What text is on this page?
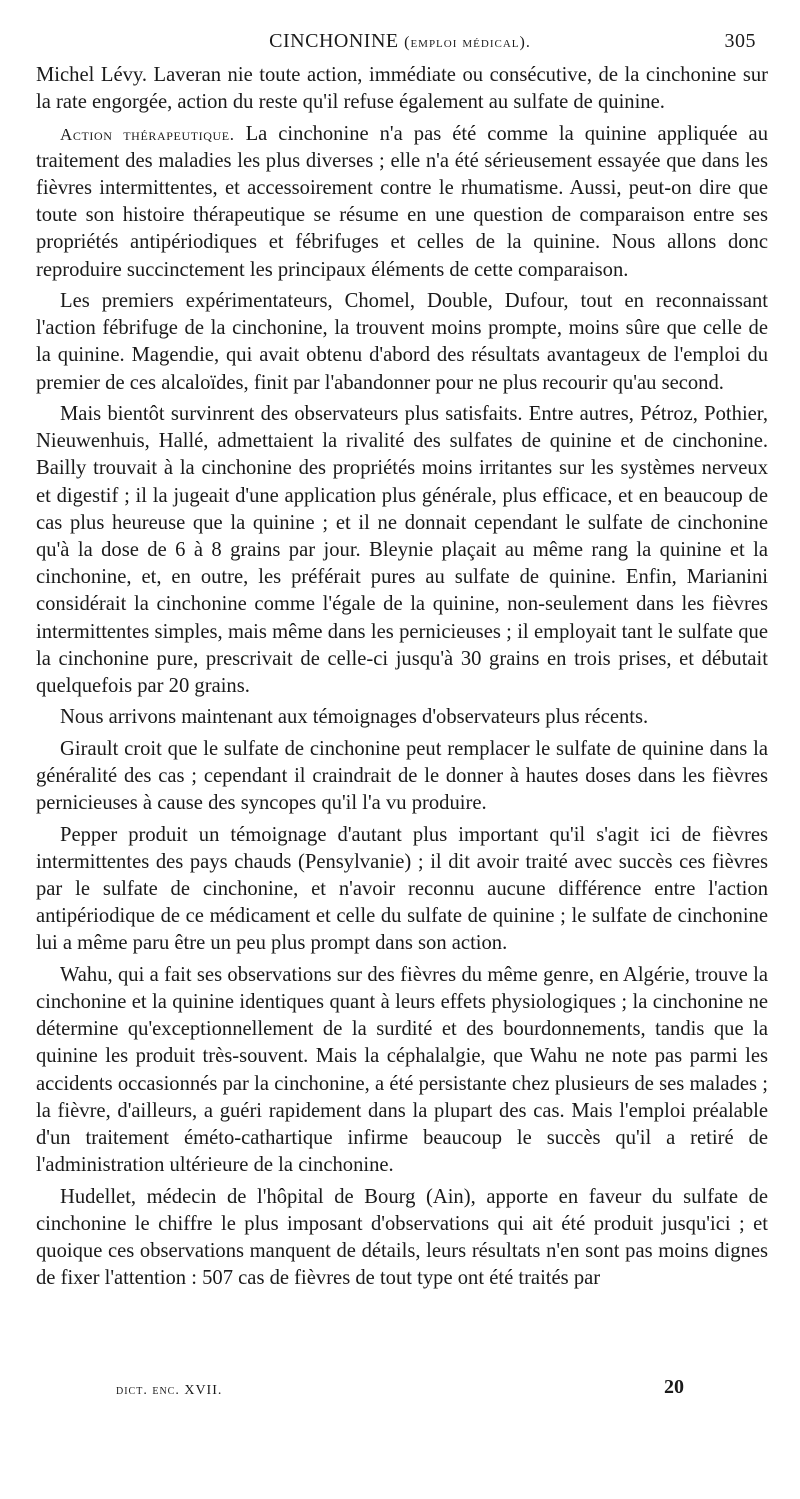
CINCHONINE (emploi médical).	305

Michel Lévy. Laveran nie toute action, immédiate ou consécutive, de la cinchonine sur la rate engorgée, action du reste qu'il refuse également au sulfate de quinine.

Action thérapeutique. La cinchonine n'a pas été comme la quinine appliquée au traitement des maladies les plus diverses ; elle n'a été sérieusement essayée que dans les fièvres intermittentes, et accessoirement contre le rhumatisme. Aussi, peut-on dire que toute son histoire thérapeutique se résume en une question de comparaison entre ses propriétés antipériodiques et fébrifuges et celles de la quinine. Nous allons donc reproduire succinctement les principaux éléments de cette comparaison.

Les premiers expérimentateurs, Chomel, Double, Dufour, tout en reconnaissant l'action fébrifuge de la cinchonine, la trouvent moins prompte, moins sûre que celle de la quinine. Magendie, qui avait obtenu d'abord des résultats avantageux de l'emploi du premier de ces alcaloïdes, finit par l'abandonner pour ne plus recourir qu'au second.

Mais bientôt survinrent des observateurs plus satisfaits. Entre autres, Pétroz, Pothier, Nieuwenhuis, Hallé, admettaient la rivalité des sulfates de quinine et de cinchonine. Bailly trouvait à la cinchonine des propriétés moins irritantes sur les systèmes nerveux et digestif ; il la jugeait d'une application plus générale, plus efficace, et en beaucoup de cas plus heureuse que la quinine ; et il ne donnait cependant le sulfate de cinchonine qu'à la dose de 6 à 8 grains par jour. Bleynie plaçait au même rang la quinine et la cinchonine, et, en outre, les préférait pures au sulfate de quinine. Enfin, Marianini considérait la cinchonine comme l'égale de la quinine, non-seulement dans les fièvres intermittentes simples, mais même dans les pernicieuses ; il employait tant le sulfate que la cinchonine pure, prescrivait de celle-ci jusqu'à 30 grains en trois prises, et débutait quelquefois par 20 grains.

Nous arrivons maintenant aux témoignages d'observateurs plus récents.

Girault croit que le sulfate de cinchonine peut remplacer le sulfate de quinine dans la généralité des cas ; cependant il craindrait de le donner à hautes doses dans les fièvres pernicieuses à cause des syncopes qu'il l'a vu produire.

Pepper produit un témoignage d'autant plus important qu'il s'agit ici de fièvres intermittentes des pays chauds (Pensylvanie) ; il dit avoir traité avec succès ces fièvres par le sulfate de cinchonine, et n'avoir reconnu aucune différence entre l'action antipériodique de ce médicament et celle du sulfate de quinine ; le sulfate de cinchonine lui a même paru être un peu plus prompt dans son action.

Wahu, qui a fait ses observations sur des fièvres du même genre, en Algérie, trouve la cinchonine et la quinine identiques quant à leurs effets physiologiques ; la cinchonine ne détermine qu'exceptionnellement de la surdité et des bourdonnements, tandis que la quinine les produit très-souvent. Mais la céphalalgie, que Wahu ne note pas parmi les accidents occasionnés par la cinchonine, a été persistante chez plusieurs de ses malades ; la fièvre, d'ailleurs, a guéri rapidement dans la plupart des cas. Mais l'emploi préalable d'un traitement éméto-cathartique infirme beaucoup le succès qu'il a retiré de l'administration ultérieure de la cinchonine.

Hudellet, médecin de l'hôpital de Bourg (Ain), apporte en faveur du sulfate de cinchonine le chiffre le plus imposant d'observations qui ait été produit jusqu'ici ; et quoique ces observations manquent de détails, leurs résultats n'en sont pas moins dignes de fixer l'attention : 507 cas de fièvres de tout type ont été traités par

dict. enc. XVII.	20
